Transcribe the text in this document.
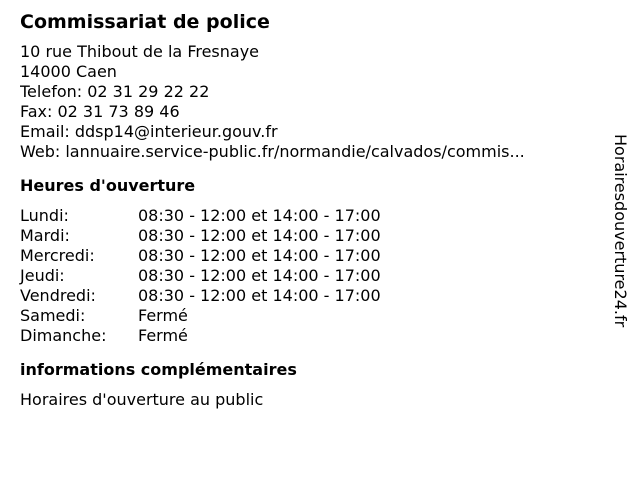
Commissariat de police
10 rue Thibout de la Fresnaye
14000 Caen
Telefon: 02 31 29 22 22
Fax: 02 31 73 89 46
Email: ddsp14@interieur.gouv.fr
Web: lannuaire.service-public.fr/normandie/calvados/commis...
Heures d'ouverture
Lundi:	08:30 - 12:00 et 14:00 - 17:00
Mardi:	08:30 - 12:00 et 14:00 - 17:00
Mercredi:	08:30 - 12:00 et 14:00 - 17:00
Jeudi:	08:30 - 12:00 et 14:00 - 17:00
Vendredi:	08:30 - 12:00 et 14:00 - 17:00
Samedi:	Fermé
Dimanche:	Fermé
informations complémentaires
Horaires d'ouverture au public
Horairesdouverture24.fr
